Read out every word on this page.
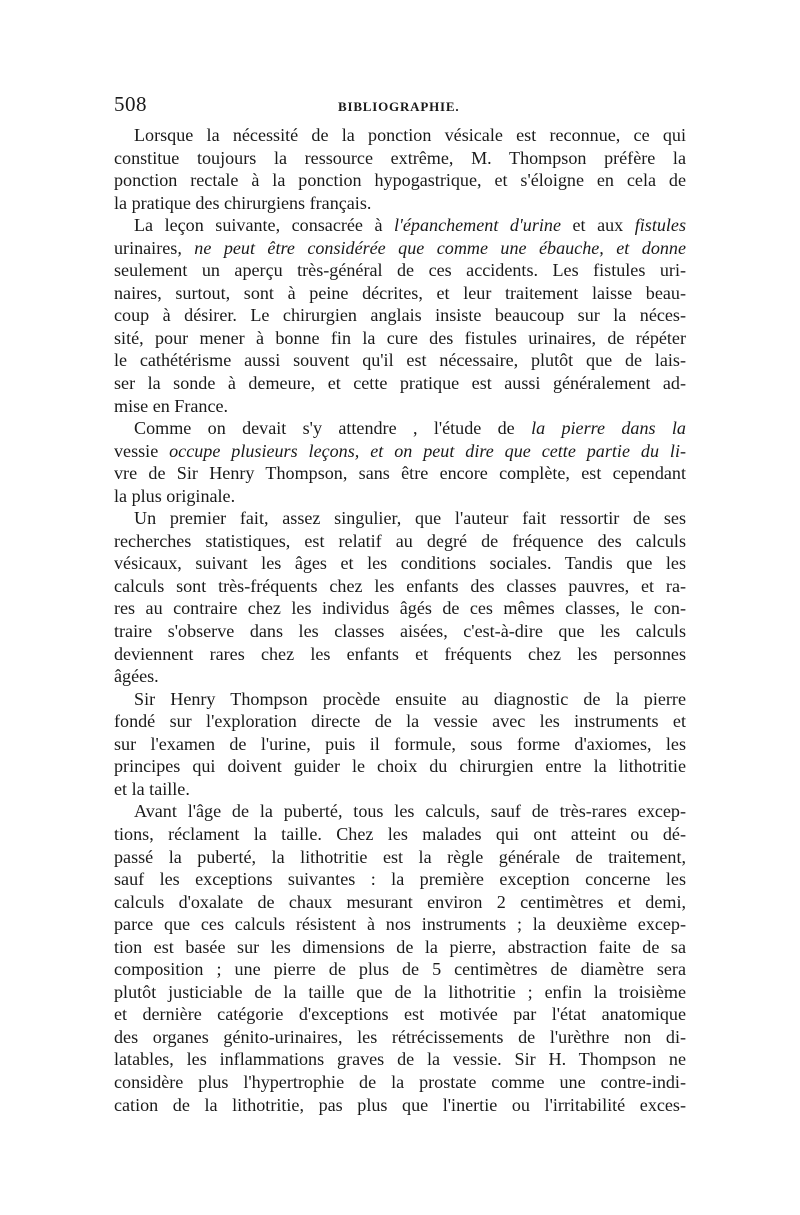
508	BIBLIOGRAPHIE.
Lorsque la nécessité de la ponction vésicale est reconnue, ce qui
constitue toujours la ressource extrême, M. Thompson préfère la
ponction rectale à la ponction hypogastrique, et s'éloigne en cela de
la pratique des chirurgiens français.
La leçon suivante, consacrée à l'épanchement d'urine et aux fistules
urinaires, ne peut être considérée que comme une ébauche, et donne
seulement un aperçu très-général de ces accidents. Les fistules uri-
naires, surtout, sont à peine décrites, et leur traitement laisse beau-
coup à désirer. Le chirurgien anglais insiste beaucoup sur la néces-
sité, pour mener à bonne fin la cure des fistules urinaires, de répéter
le cathétérisme aussi souvent qu'il est nécessaire, plutôt que de lais-
ser la sonde à demeure, et cette pratique est aussi généralement ad-
mise en France.
Comme on devait s'y attendre , l'étude de la pierre dans la
vessie occupe plusieurs leçons, et on peut dire que cette partie du li-
vre de Sir Henry Thompson, sans être encore complète, est cependant
la plus originale.
Un premier fait, assez singulier, que l'auteur fait ressortir de ses
recherches statistiques, est relatif au degré de fréquence des calculs
vésicaux, suivant les âges et les conditions sociales. Tandis que les
calculs sont très-fréquents chez les enfants des classes pauvres, et ra-
res au contraire chez les individus âgés de ces mêmes classes, le con-
traire s'observe dans les classes aisées, c'est-à-dire que les calculs
deviennent rares chez les enfants et fréquents chez les personnes
âgées.
Sir Henry Thompson procède ensuite au diagnostic de la pierre
fondé sur l'exploration directe de la vessie avec les instruments et
sur l'examen de l'urine, puis il formule, sous forme d'axiomes, les
principes qui doivent guider le choix du chirurgien entre la lithotritie
et la taille.
Avant l'âge de la puberté, tous les calculs, sauf de très-rares excep-
tions, réclament la taille. Chez les malades qui ont atteint ou dé-
passé la puberté, la lithotritie est la règle générale de traitement,
sauf les exceptions suivantes : la première exception concerne les
calculs d'oxalate de chaux mesurant environ 2 centimètres et demi,
parce que ces calculs résistent à nos instruments ; la deuxième excep-
tion est basée sur les dimensions de la pierre, abstraction faite de sa
composition ; une pierre de plus de 5 centimètres de diamètre sera
plutôt justiciable de la taille que de la lithotritie ; enfin la troisième
et dernière catégorie d'exceptions est motivée par l'état anatomique
des organes génito-urinaires, les rétrécissements de l'urèthre non di-
latables, les inflammations graves de la vessie. Sir H. Thompson ne
considère plus l'hypertrophie de la prostate comme une contre-indi-
cation de la lithotritie, pas plus que l'inertie ou l'irritabilité exces-
